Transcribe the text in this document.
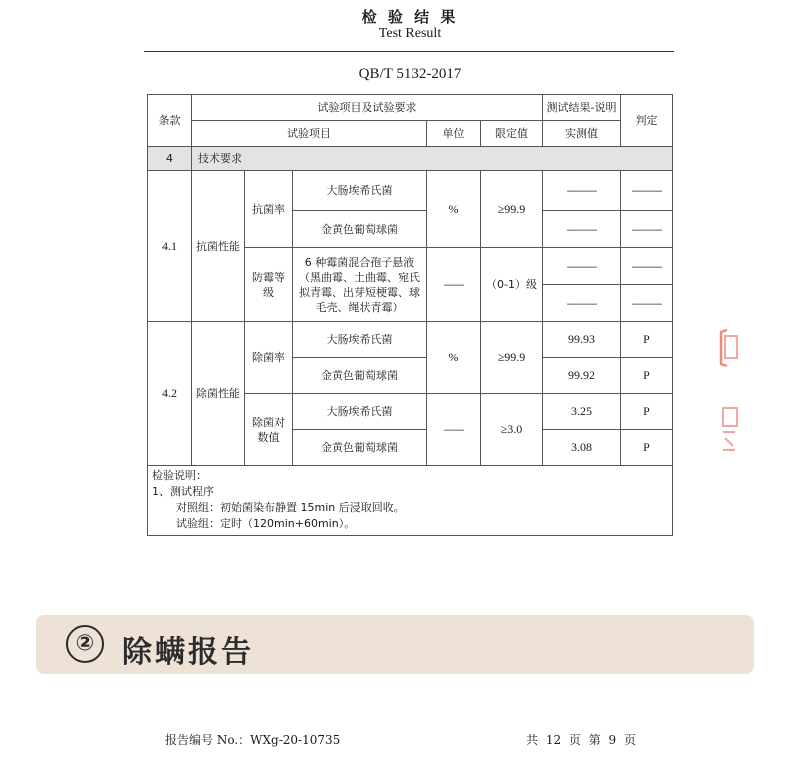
检 验 结 果
Test Result
QB/T 5132-2017
条款	试验项目及试验要求					测试结果-说明	判定
	试验项目			单位	限定值	实测值	
4	技术要求						
4.1	抗菌性能	抗菌率	大肠埃希氏菌	%	≥99.9	———	———
			金黄色葡萄球菌			———	———
		防霉等级	6 种霉菌混合孢子悬液（黑曲霉、土曲霉、宛氏拟青霉、出芽短梗霉、球毛壳、绳状青霉）	——	（0-1）级	———	———
						———	———
4.2	除菌性能	除菌率	大肠埃希氏菌	%	≥99.9	99.93	P
			金黄色葡萄球菌			99.92	P
		除菌对数值	大肠埃希氏菌	——	≥3.0	3.25	P
			金黄色葡萄球菌			3.08	P

检验说明：
1、测试程序
对照组：初始菌染布静置 15min 后浸取回收。
试验组：定时（120min+60min）。							
② 除螨报告
报告编号 No.：WXg-20-10735	共 12 页 第 9 页
